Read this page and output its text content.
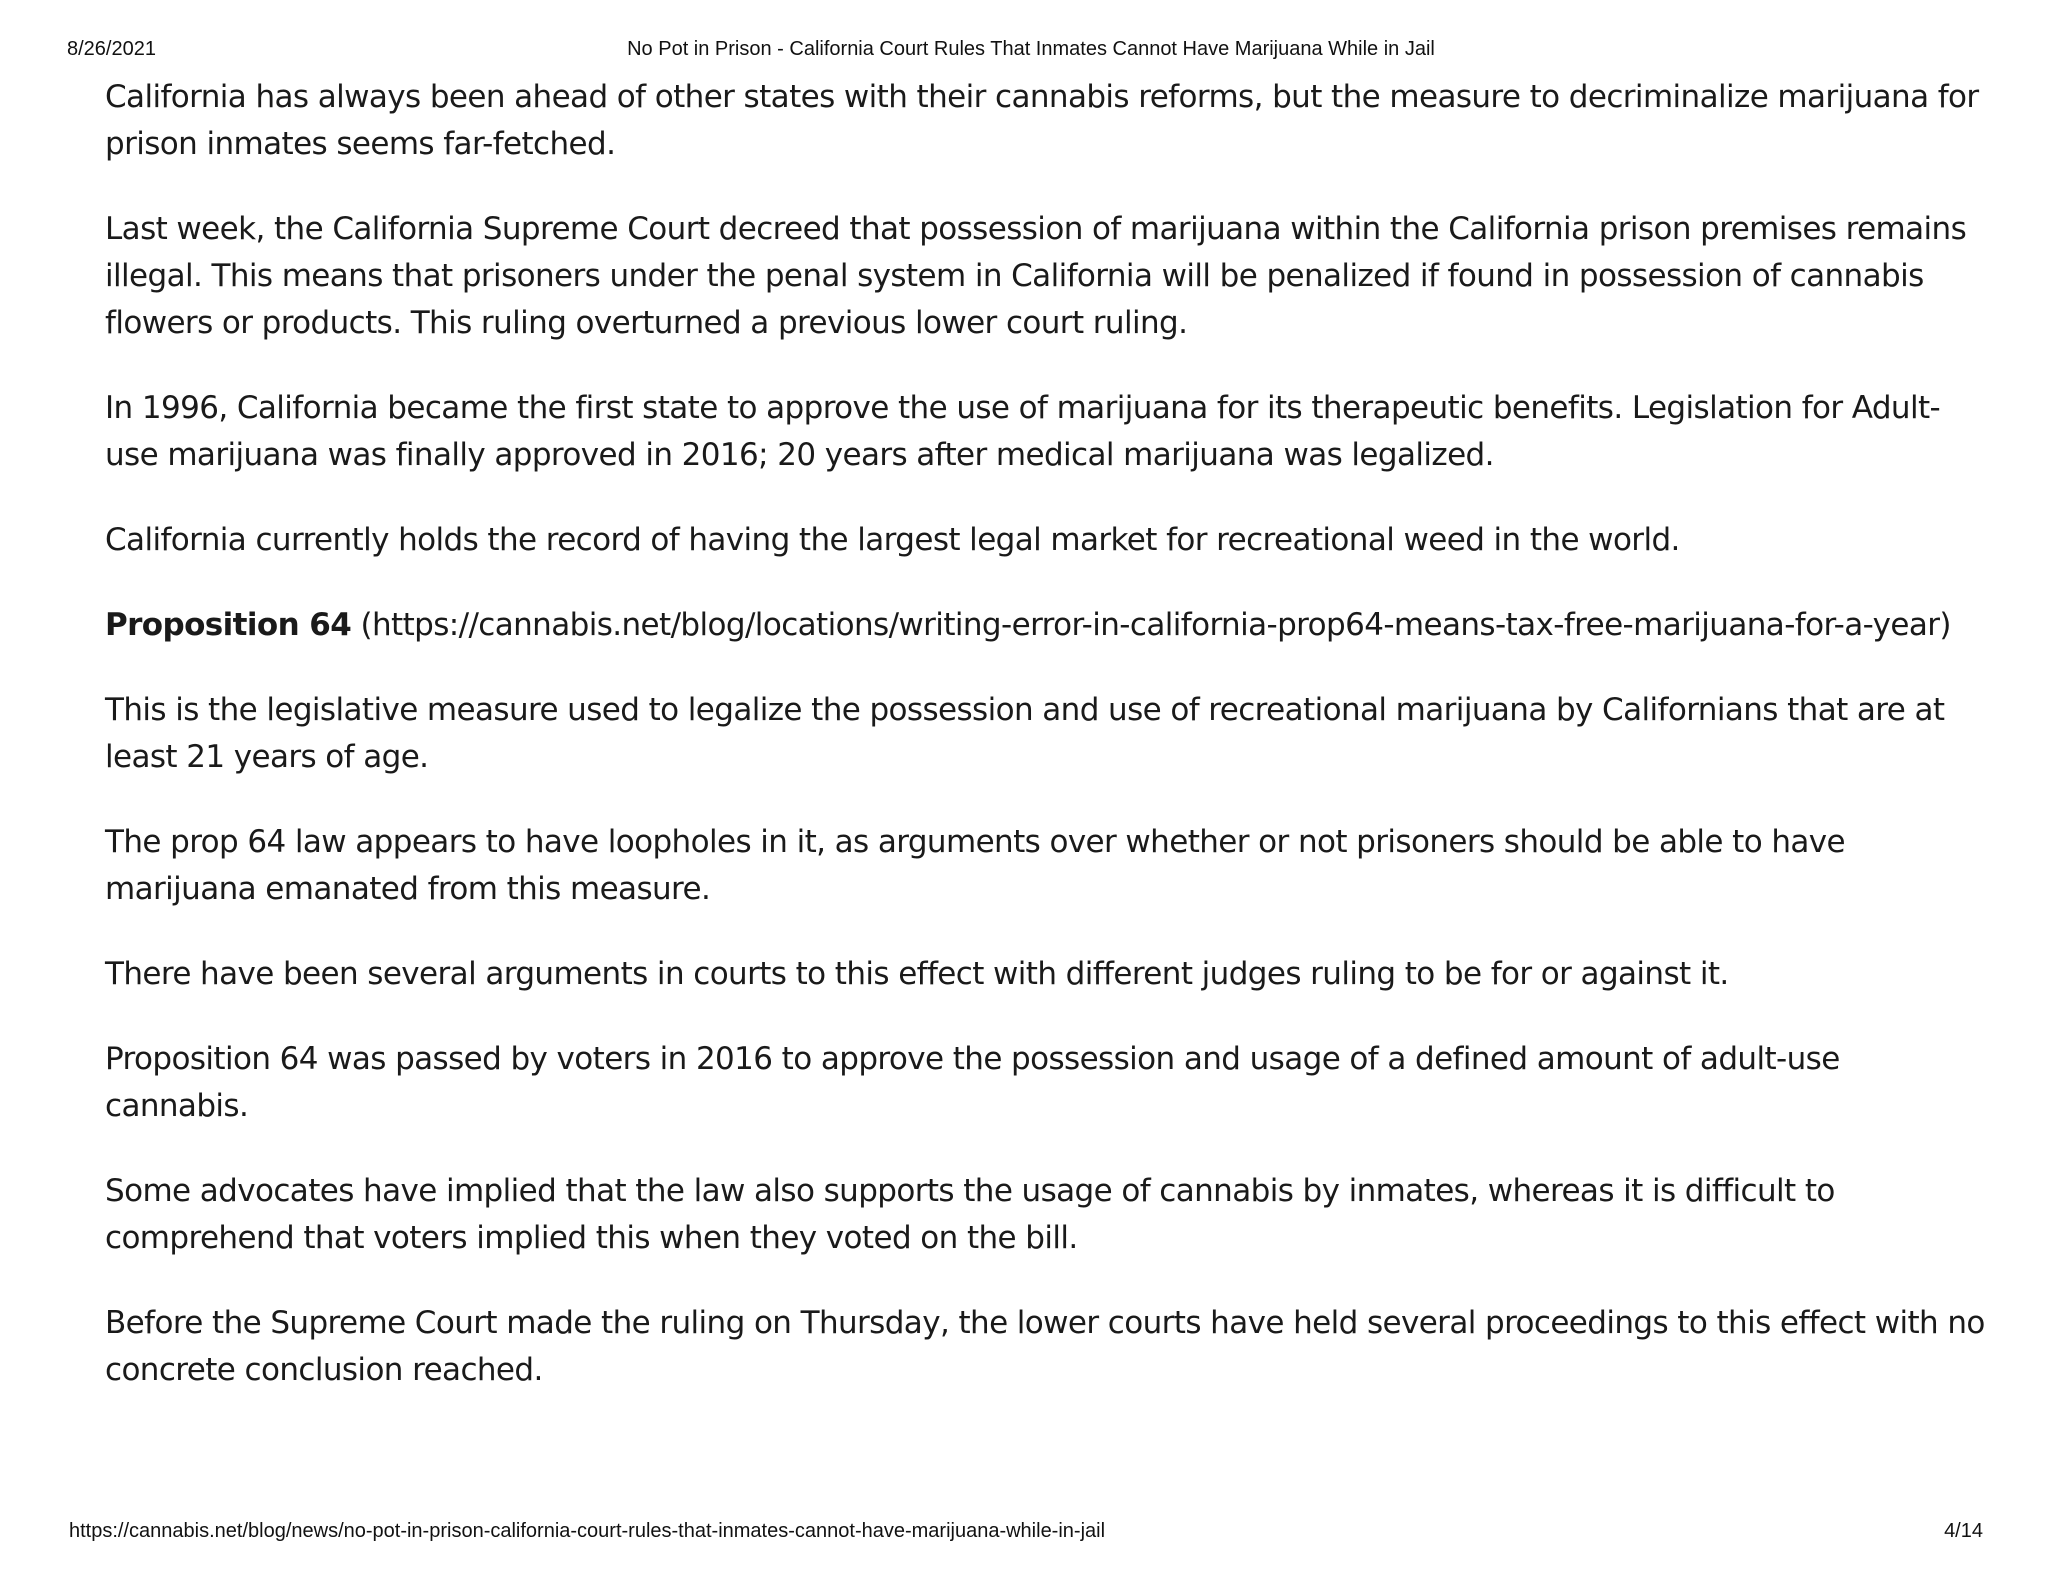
8/26/2021	No Pot in Prison - California Court Rules That Inmates Cannot Have Marijuana While in Jail

California has always been ahead of other states with their cannabis reforms, but the measure to decriminalize marijuana for prison inmates seems far-fetched.

Last week, the California Supreme Court decreed that possession of marijuana within the California prison premises remains illegal. This means that prisoners under the penal system in California will be penalized if found in possession of cannabis flowers or products. This ruling overturned a previous lower court ruling.

In 1996, California became the first state to approve the use of marijuana for its therapeutic benefits. Legislation for Adult-use marijuana was finally approved in 2016; 20 years after medical marijuana was legalized.

California currently holds the record of having the largest legal market for recreational weed in the world.

Proposition 64 (https://cannabis.net/blog/locations/writing-error-in-california-prop64-means-tax-free-marijuana-for-a-year)

This is the legislative measure used to legalize the possession and use of recreational marijuana by Californians that are at least 21 years of age.

The prop 64 law appears to have loopholes in it, as arguments over whether or not prisoners should be able to have marijuana emanated from this measure.

There have been several arguments in courts to this effect with different judges ruling to be for or against it.

Proposition 64 was passed by voters in 2016 to approve the possession and usage of a defined amount of adult-use cannabis.

Some advocates have implied that the law also supports the usage of cannabis by inmates, whereas it is difficult to comprehend that voters implied this when they voted on the bill.

Before the Supreme Court made the ruling on Thursday, the lower courts have held several proceedings to this effect with no concrete conclusion reached.

https://cannabis.net/blog/news/no-pot-in-prison-california-court-rules-that-inmates-cannot-have-marijuana-while-in-jail	4/14
